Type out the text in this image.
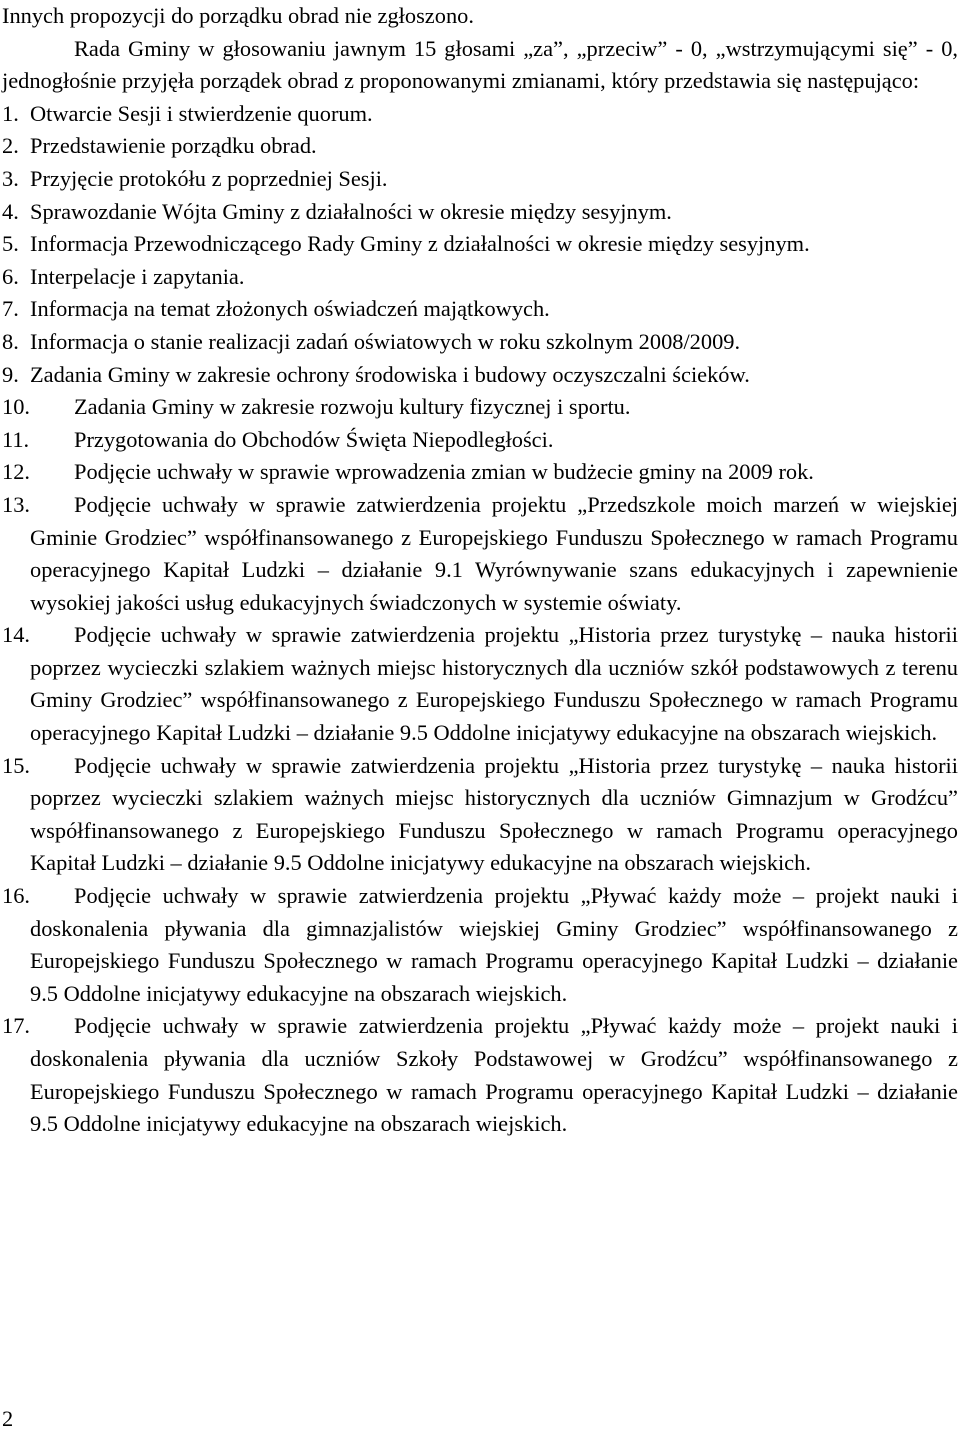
Innych propozycji do porządku obrad nie zgłoszono.

Rada Gminy w głosowaniu jawnym 15 głosami „za”, „przeciw” - 0, „wstrzymującymi się” - 0, jednogłośnie przyjęła porządek obrad z proponowanymi zmianami, który przedstawia się następująco:

1. Otwarcie Sesji i stwierdzenie quorum.

2. Przedstawienie porządku obrad.

3. Przyjęcie protokółu z poprzedniej Sesji.

4. Sprawozdanie Wójta Gminy z działalności w okresie między sesyjnym.

5. Informacja Przewodniczącego Rady Gminy z działalności w okresie między sesyjnym.

6. Interpelacje i zapytania.

7. Informacja na temat złożonych oświadczeń majątkowych.

8. Informacja o stanie realizacji zadań oświatowych w roku szkolnym 2008/2009.

9. Zadania Gminy w zakresie ochrony środowiska i budowy oczyszczalni ścieków.

10.	Zadania Gminy w zakresie rozwoju kultury fizycznej i sportu.

11.	Przygotowania do Obchodów Święta Niepodległości.

12.	Podjęcie uchwały w sprawie wprowadzenia zmian w budżecie gminy na 2009 rok.

13.	Podjęcie uchwały w sprawie zatwierdzenia projektu „Przedszkole moich marzeń w wiejskiej Gminie Grodziec” współfinansowanego z Europejskiego Funduszu Społecznego w ramach Programu operacyjnego Kapitał Ludzki – działanie 9.1 Wyrównywanie szans edukacyjnych i zapewnienie wysokiej jakości usług edukacyjnych świadczonych w systemie oświaty.

14.	Podjęcie uchwały w sprawie zatwierdzenia projektu „Historia przez turystykę – nauka historii poprzez wycieczki szlakiem ważnych miejsc historycznych dla uczniów szkół podstawowych z terenu Gminy Grodziec” współfinansowanego z Europejskiego Funduszu Społecznego w ramach Programu operacyjnego Kapitał Ludzki – działanie 9.5 Oddolne inicjatywy edukacyjne na obszarach wiejskich.

15.	Podjęcie uchwały w sprawie zatwierdzenia projektu „Historia przez turystykę – nauka historii poprzez wycieczki szlakiem ważnych miejsc historycznych dla uczniów Gimnazjum w Grodźcu” współfinansowanego z Europejskiego Funduszu Społecznego w ramach Programu operacyjnego Kapitał Ludzki – działanie 9.5 Oddolne inicjatywy edukacyjne na obszarach wiejskich.

16.	Podjęcie uchwały w sprawie zatwierdzenia projektu „Pływać każdy może – projekt nauki i doskonalenia pływania dla gimnazjalistów wiejskiej Gminy Grodziec” współfinansowanego z Europejskiego Funduszu Społecznego w ramach Programu operacyjnego Kapitał Ludzki – działanie 9.5 Oddolne inicjatywy edukacyjne na obszarach wiejskich.

17.	Podjęcie uchwały w sprawie zatwierdzenia projektu „Pływać każdy może – projekt nauki i doskonalenia pływania dla uczniów Szkoły Podstawowej w Grodźcu” współfinansowanego z Europejskiego Funduszu Społecznego w ramach Programu operacyjnego Kapitał Ludzki – działanie 9.5 Oddolne inicjatywy edukacyjne na obszarach wiejskich.

2
